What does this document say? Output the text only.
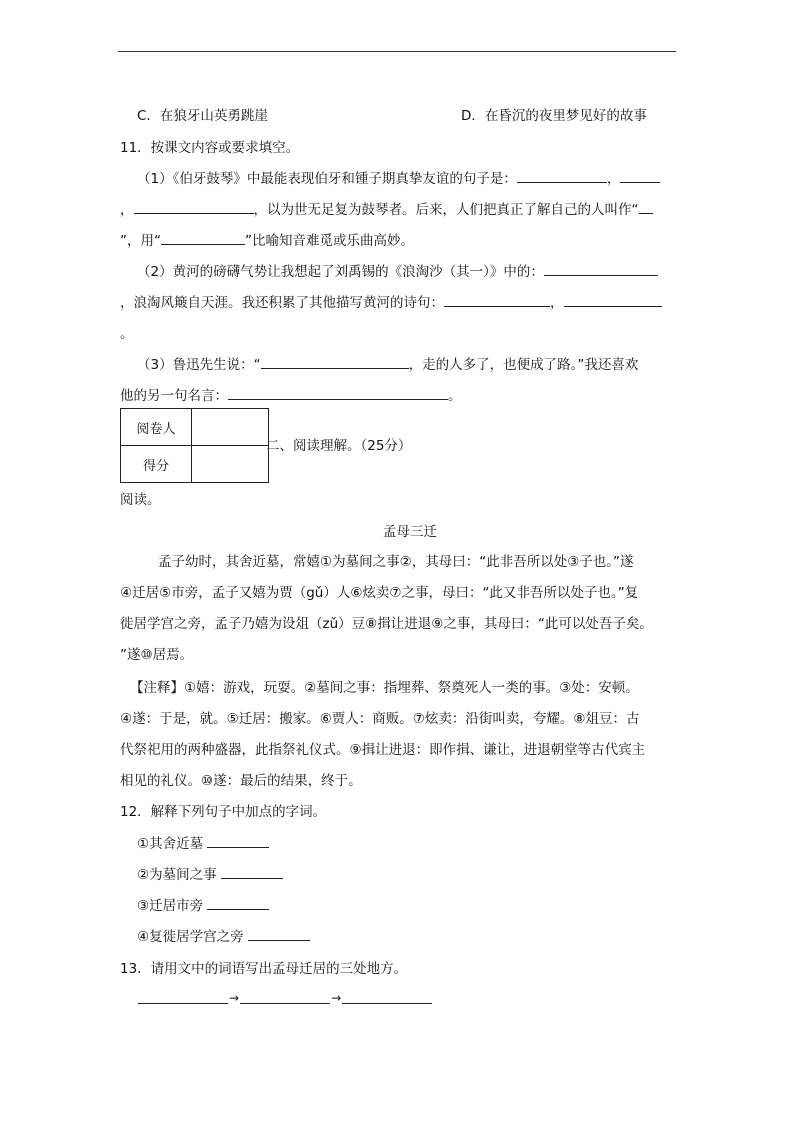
C．在狼牙山英勇跳崖	D．在昏沉的夜里梦见好的故事
11．按课文内容或要求填空。
（1）《伯牙鼓琴》中最能表现伯牙和锺子期真挚友谊的句子是：	，
，	，以为世无足复为鼓琴者。后来，人们把真正了解自己的人叫作“
”，用“	”比喻知音难觅或乐曲高妙。
（2）黄河的磅礴气势让我想起了刘禹锡的《浪淘沙（其一）》中的：
，浪淘风簸自天涯。我还积累了其他描写黄河的诗句：	，
。
（3）鲁迅先生说：“	，走的人多了，也便成了路。”我还喜欢
他的另一句名言：	。
阅卷人	
得分	
二、阅读理解。（25分）
阅读。
孟母三迁
孟子幼时，其舍近墓，常嬉①为墓间之事②，其母曰：“此非吾所以处③子也。”遂
④迁居⑤市旁，孟子又嬉为贾（gǔ）人⑥炫卖⑦之事，母曰：“此又非吾所以处子也。”复
徙居学宫之旁，孟子乃嬉为设俎（zǔ）豆⑧揖让进退⑨之事，其母曰：“此可以处吾子矣。
”遂⑩居焉。
【注释】①嬉：游戏，玩耍。②墓间之事：指埋葬、祭奠死人一类的事。③处：安顿。
④遂：于是，就。⑤迁居：搬家。⑥贾人：商贩。⑦炫卖：沿街叫卖，夸耀。⑧俎豆：古
代祭祀用的两种盛器，此指祭礼仪式。⑨揖让进退：即作揖、谦让，进退朝堂等古代宾主
相见的礼仪。⑩遂：最后的结果，终于。
12．解释下列句子中加点的字词。
①其舍近墓
②为墓间之事
③迁居市旁
④复徙居学宫之旁
13．请用文中的词语写出孟母迁居的三处地方。
→	→
